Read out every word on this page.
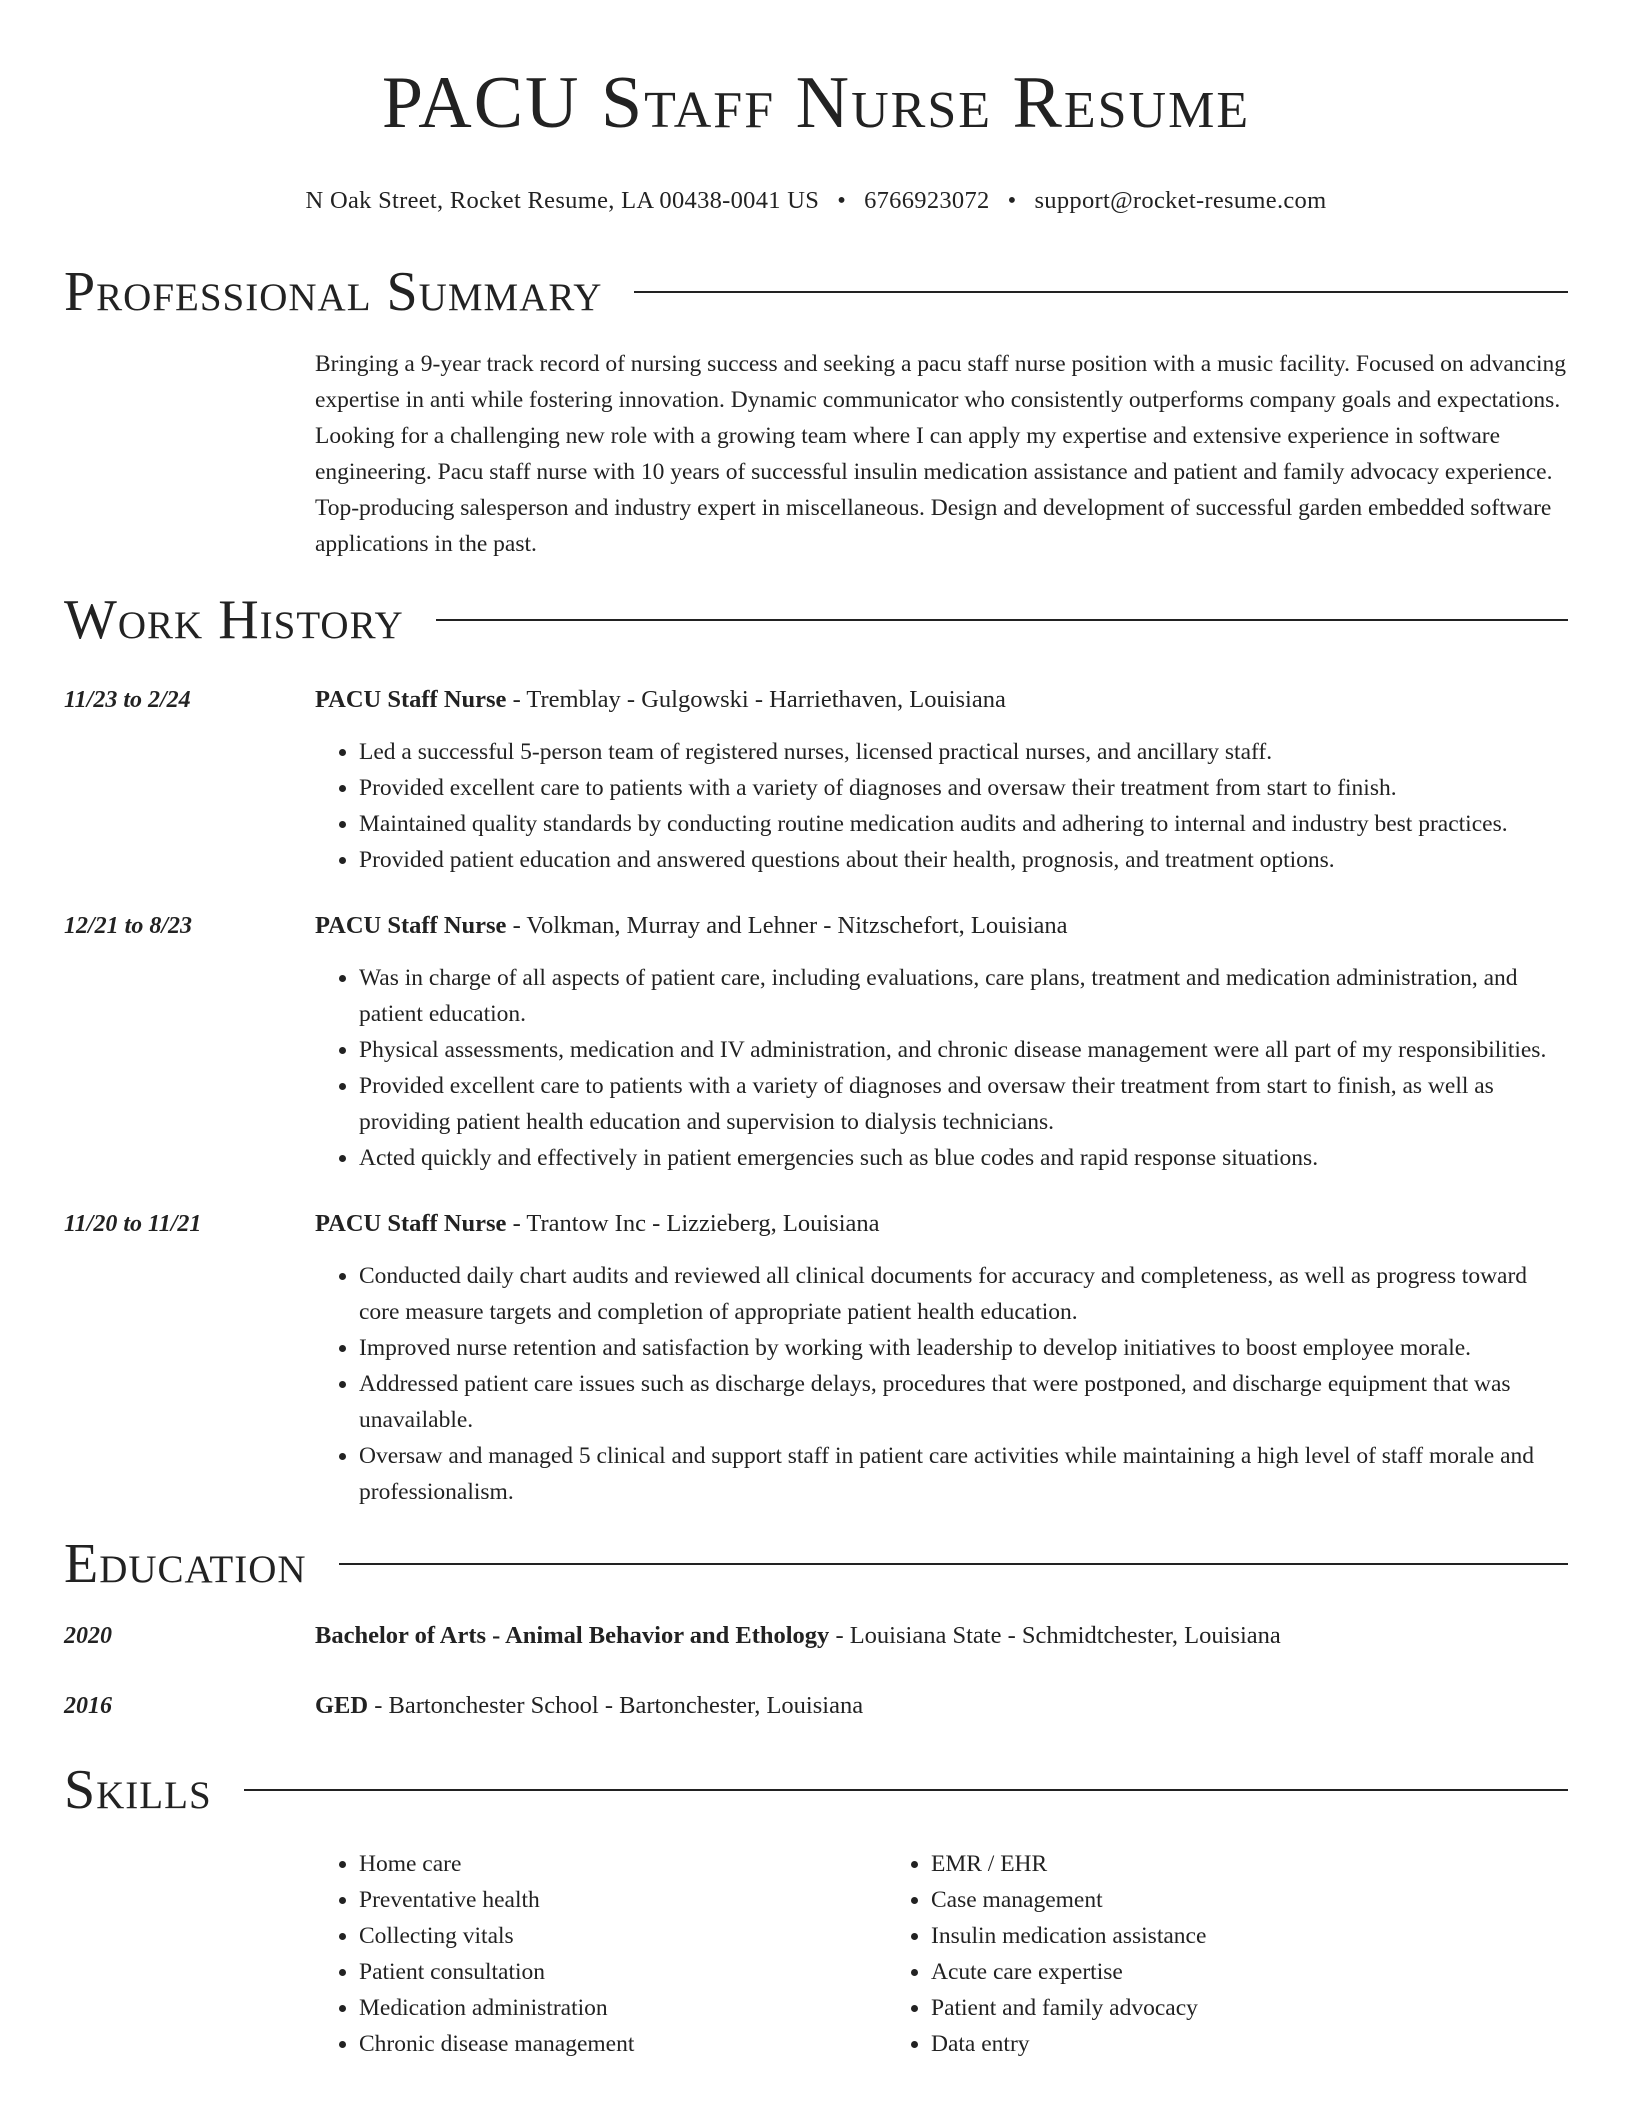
PACU Staff Nurse Resume
N Oak Street, Rocket Resume, LA 00438-0041 US • 6766923072 • support@rocket-resume.com
Professional Summary
Bringing a 9-year track record of nursing success and seeking a pacu staff nurse position with a music facility. Focused on advancing expertise in anti while fostering innovation. Dynamic communicator who consistently outperforms company goals and expectations. Looking for a challenging new role with a growing team where I can apply my expertise and extensive experience in software engineering. Pacu staff nurse with 10 years of successful insulin medication assistance and patient and family advocacy experience. Top-producing salesperson and industry expert in miscellaneous. Design and development of successful garden embedded software applications in the past.
Work History
11/23 to 2/24	PACU Staff Nurse - Tremblay - Gulgowski - Harriethaven, Louisiana
• Led a successful 5-person team of registered nurses, licensed practical nurses, and ancillary staff.
• Provided excellent care to patients with a variety of diagnoses and oversaw their treatment from start to finish.
• Maintained quality standards by conducting routine medication audits and adhering to internal and industry best practices.
• Provided patient education and answered questions about their health, prognosis, and treatment options.
12/21 to 8/23	PACU Staff Nurse - Volkman, Murray and Lehner - Nitzschefort, Louisiana
• Was in charge of all aspects of patient care, including evaluations, care plans, treatment and medication administration, and patient education.
• Physical assessments, medication and IV administration, and chronic disease management were all part of my responsibilities.
• Provided excellent care to patients with a variety of diagnoses and oversaw their treatment from start to finish, as well as providing patient health education and supervision to dialysis technicians.
• Acted quickly and effectively in patient emergencies such as blue codes and rapid response situations.
11/20 to 11/21	PACU Staff Nurse - Trantow Inc - Lizzieberg, Louisiana
• Conducted daily chart audits and reviewed all clinical documents for accuracy and completeness, as well as progress toward core measure targets and completion of appropriate patient health education.
• Improved nurse retention and satisfaction by working with leadership to develop initiatives to boost employee morale.
• Addressed patient care issues such as discharge delays, procedures that were postponed, and discharge equipment that was unavailable.
• Oversaw and managed 5 clinical and support staff in patient care activities while maintaining a high level of staff morale and professionalism.
Education
2020	Bachelor of Arts - Animal Behavior and Ethology - Louisiana State - Schmidtchester, Louisiana
2016	GED - Bartonchester School - Bartonchester, Louisiana
Skills
• Home care
• Preventative health
• Collecting vitals
• Patient consultation
• Medication administration
• Chronic disease management
• EMR / EHR
• Case management
• Insulin medication assistance
• Acute care expertise
• Patient and family advocacy
• Data entry
